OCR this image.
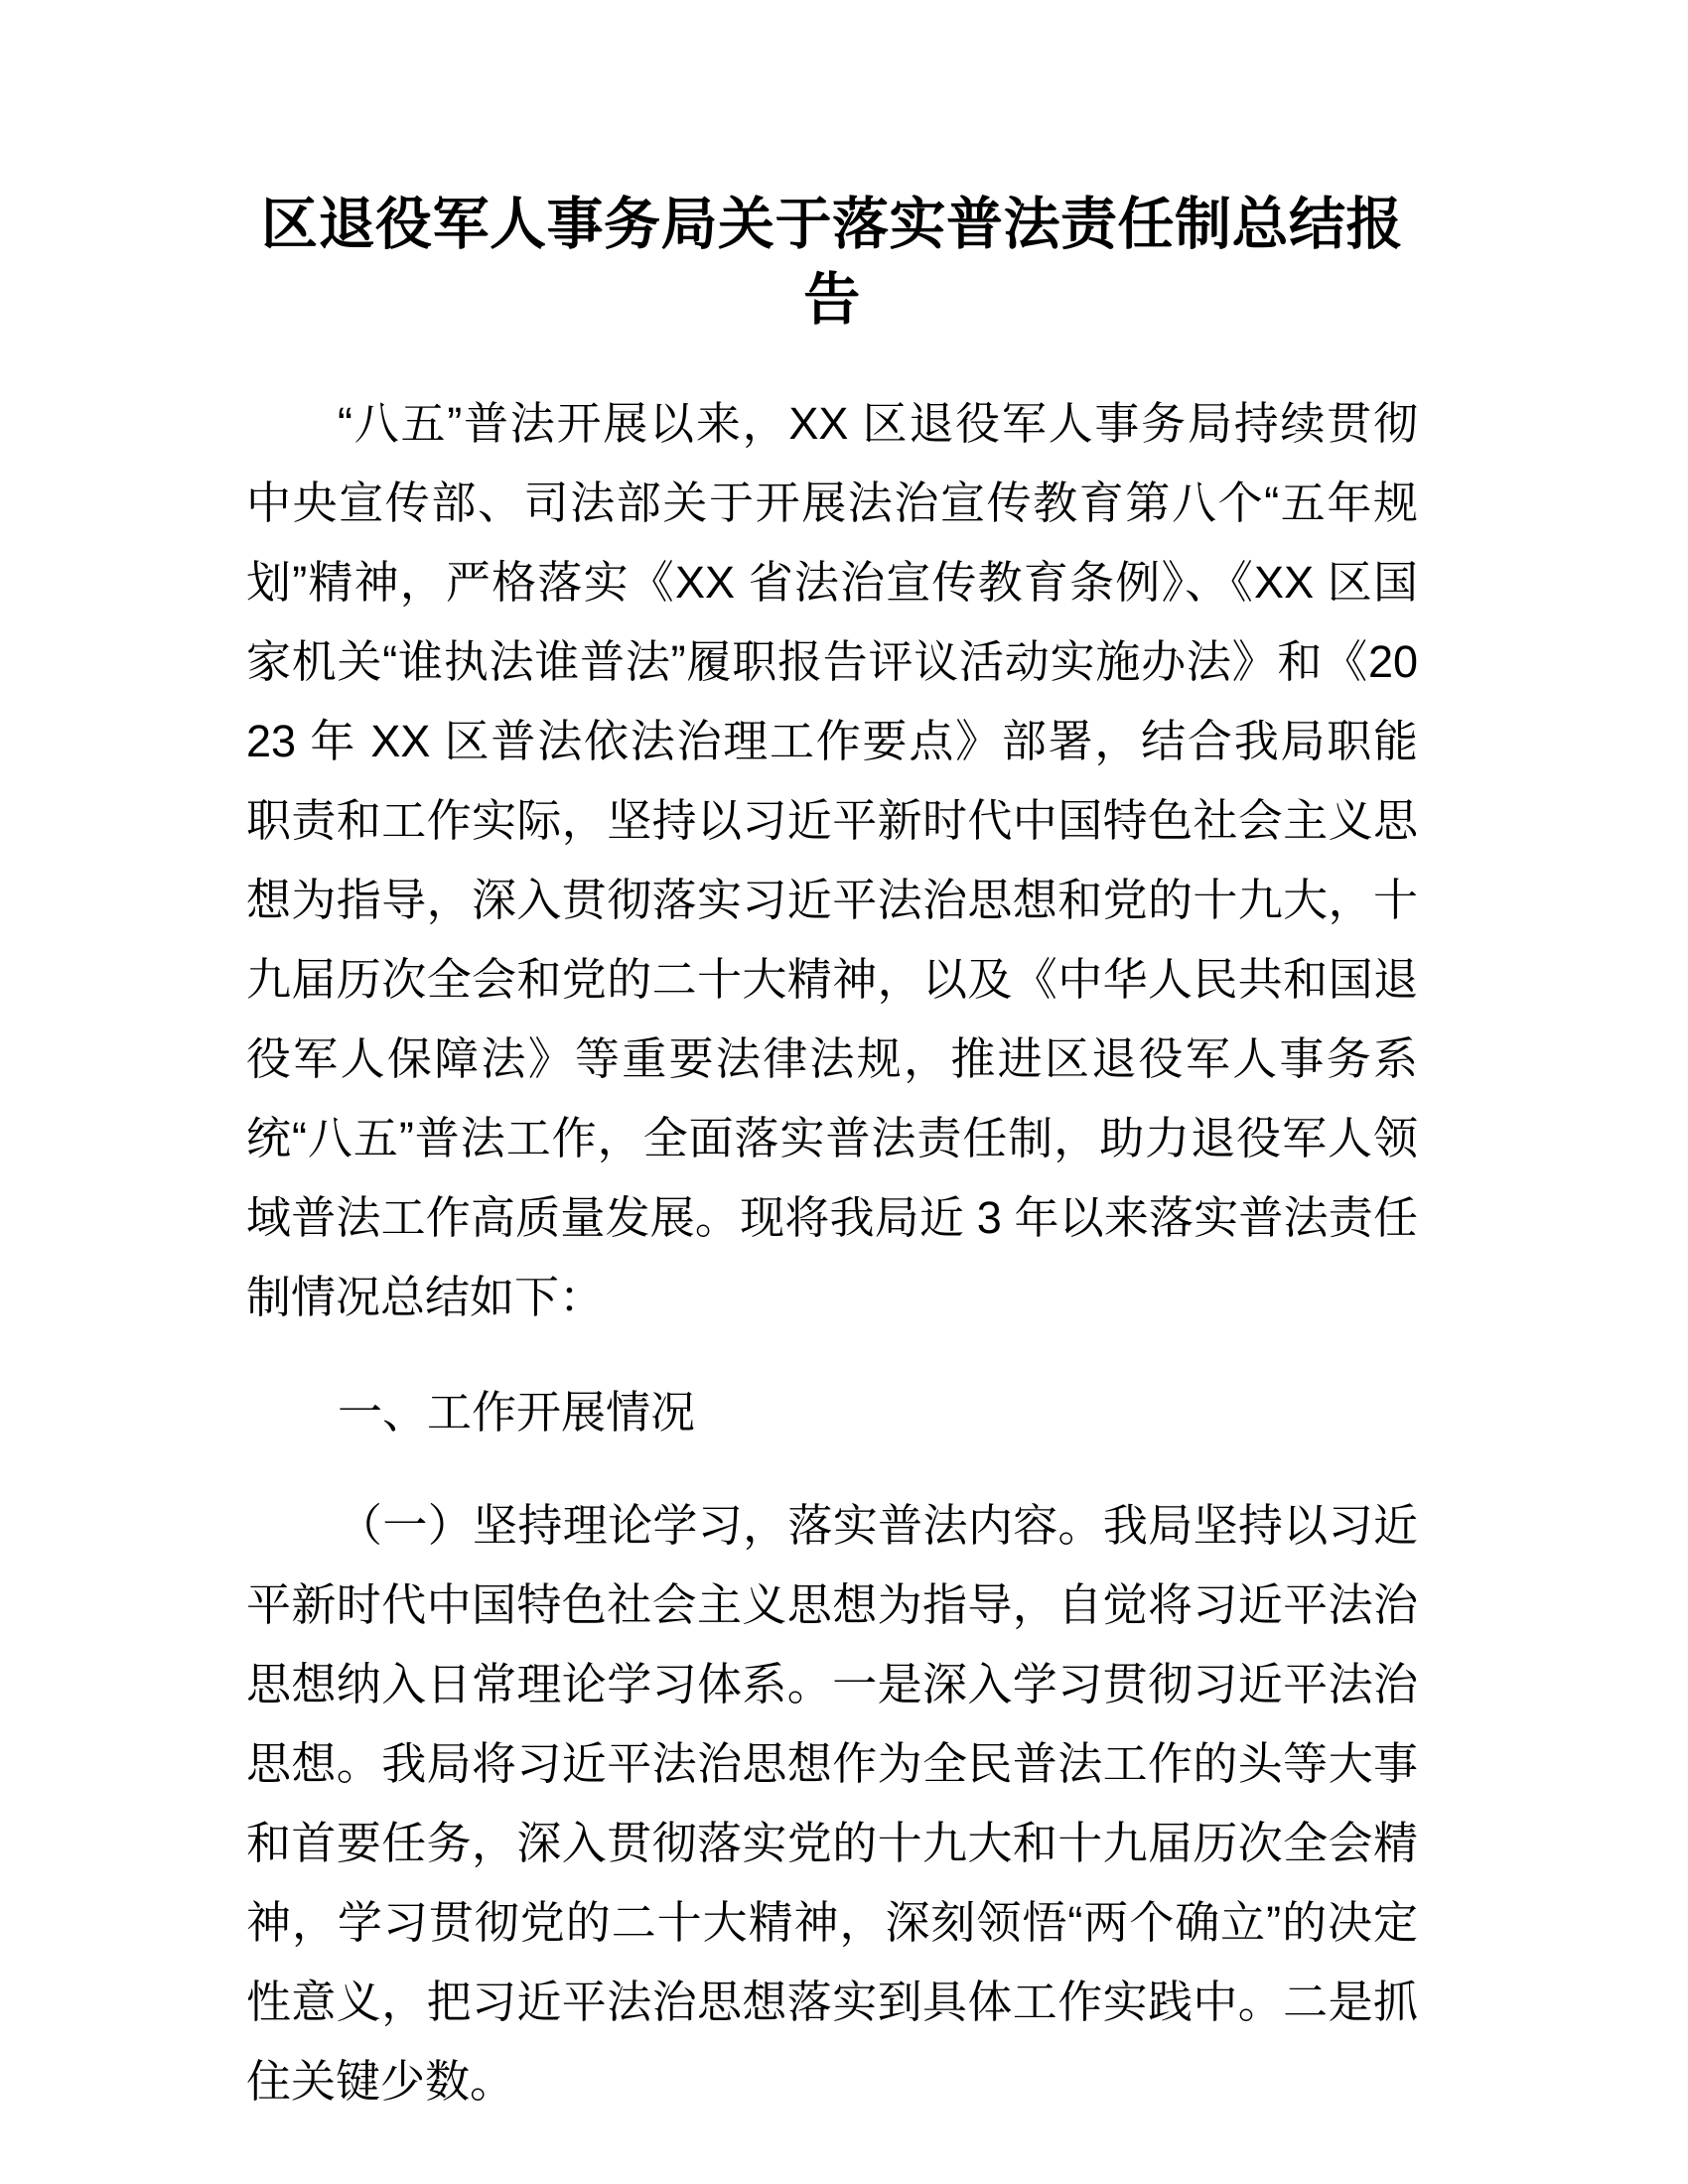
区退役军人事务局关于落实普法责任制总结报告

“八五”普法开展以来，XX 区退役军人事务局持续贯彻中央宣传部、司法部关于开展法治宣传教育第八个“五年规划”精神，严格落实《XX 省法治宣传教育条例》、《XX 区国家机关“谁执法谁普法”履职报告评议活动实施办法》和《2023 年 XX 区普法依法治理工作要点》部署，结合我局职能职责和工作实际，坚持以习近平新时代中国特色社会主义思想为指导，深入贯彻落实习近平法治思想和党的十九大，十九届历次全会和党的二十大精神，以及《中华人民共和国退役军人保障法》等重要法律法规，推进区退役军人事务系统“八五”普法工作，全面落实普法责任制，助力退役军人领域普法工作高质量发展。现将我局近 3 年以来落实普法责任制情况总结如下：

一、工作开展情况

（一）坚持理论学习，落实普法内容。我局坚持以习近平新时代中国特色社会主义思想为指导，自觉将习近平法治思想纳入日常理论学习体系。一是深入学习贯彻习近平法治思想。我局将习近平法治思想作为全民普法工作的头等大事和首要任务，深入贯彻落实党的十九大和十九届历次全会精神，学习贯彻党的二十大精神，深刻领悟“两个确立”的决定性意义，把习近平法治思想落实到具体工作实践中。二是抓住关键少数。
